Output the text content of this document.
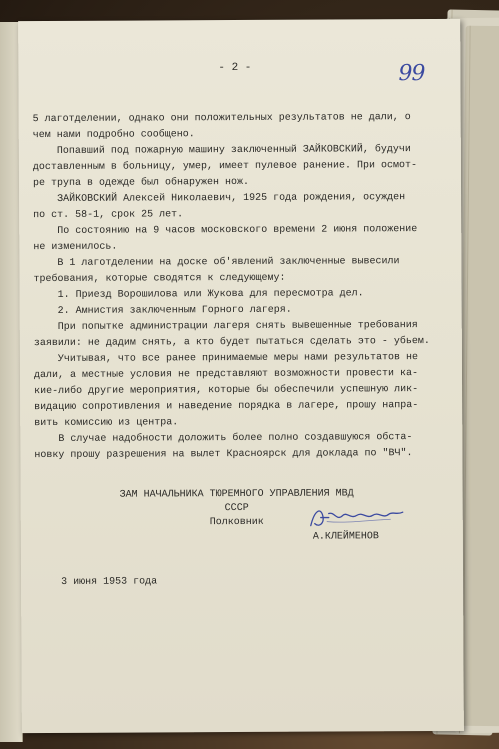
- 2 -	99

5 лаготделении, однако они положительных результатов не дали, о

чем нами подробно сообщено.

Попавший под пожарную машину заключенный ЗАЙКОВСКИЙ, будучи

доставленным в больницу, умер, имеет пулевое ранение. При осмот-

ре трупа в одежде был обнаружен нож.

ЗАЙКОВСКИЙ Алексей Николаевич, 1925 года рождения, осужден

по ст. 58-1, срок 25 лет.

По состоянию на 9 часов московского времени 2 июня положение

не изменилось.

В 1 лаготделении на доске об'явлений заключенные вывесили

требования, которые сводятся к следующему:

1. Приезд Ворошилова или Жукова для пересмотра дел.

2. Амнистия заключенным Горного лагеря.

При попытке администрации лагеря снять вывешенные требования

заявили: не дадим снять, а кто будет пытаться сделать это - убьем.

Учитывая, что все ранее принимаемые меры нами результатов не

дали, а местные условия не представляют возможности провести ка-

кие-либо другие мероприятия, которые бы обеспечили успешную лик-

видацию сопротивления и наведение порядка в лагере, прошу напра-

вить комиссию из центра.

В случае надобности доложить более полно создавшуюся обста-

новку прошу разрешения на вылет Красноярск для доклада по "ВЧ".

ЗАМ НАЧАЛЬНИКА ТЮРЕМНОГО УПРАВЛЕНИЯ МВД СССР
Полковник
А.КЛЕЙМЕНОВ
3 июня 1953 года
